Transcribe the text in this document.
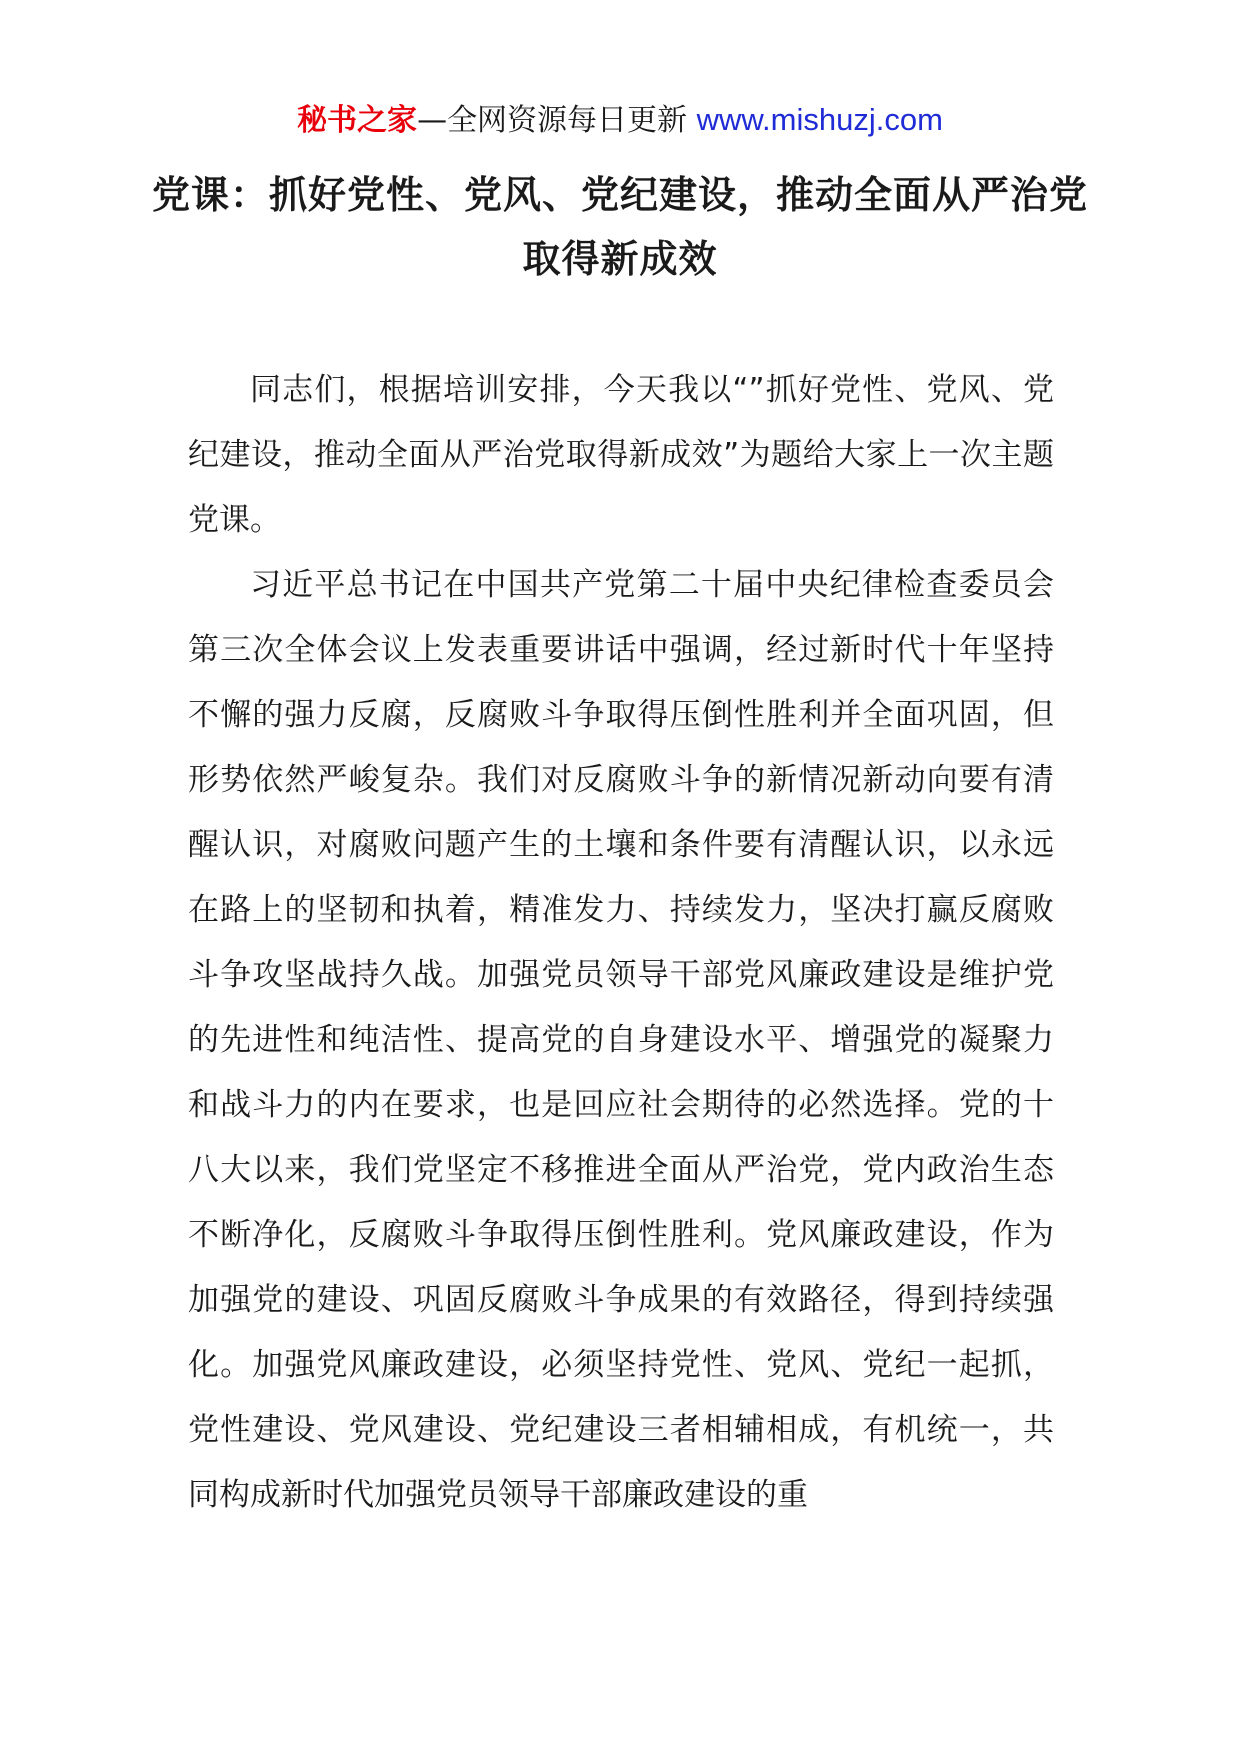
秘书之家—全网资源每日更新 www.mishuzj.com
党课：抓好党性、党风、党纪建设，推动全面从严治党取得新成效

同志们，根据培训安排，今天我以“”抓好党性、党风、党纪建设，推动全面从严治党取得新成效”为题给大家上一次主题党课。

习近平总书记在中国共产党第二十届中央纪律检查委员会第三次全体会议上发表重要讲话中强调，经过新时代十年坚持不懈的强力反腐，反腐败斗争取得压倒性胜利并全面巩固，但形势依然严峻复杂。我们对反腐败斗争的新情况新动向要有清醒认识，对腐败问题产生的土壤和条件要有清醒认识，以永远在路上的坚韧和执着，精准发力、持续发力，坚决打赢反腐败斗争攻坚战持久战。加强党员领导干部党风廉政建设是维护党的先进性和纯洁性、提高党的自身建设水平、增强党的凝聚力和战斗力的内在要求，也是回应社会期待的必然选择。党的十八大以来，我们党坚定不移推进全面从严治党，党内政治生态不断净化，反腐败斗争取得压倒性胜利。党风廉政建设，作为加强党的建设、巩固反腐败斗争成果的有效路径，得到持续强化。加强党风廉政建设，必须坚持党性、党风、党纪一起抓，党性建设、党风建设、党纪建设三者相辅相成，有机统一，共同构成新时代加强党员领导干部廉政建设的重
